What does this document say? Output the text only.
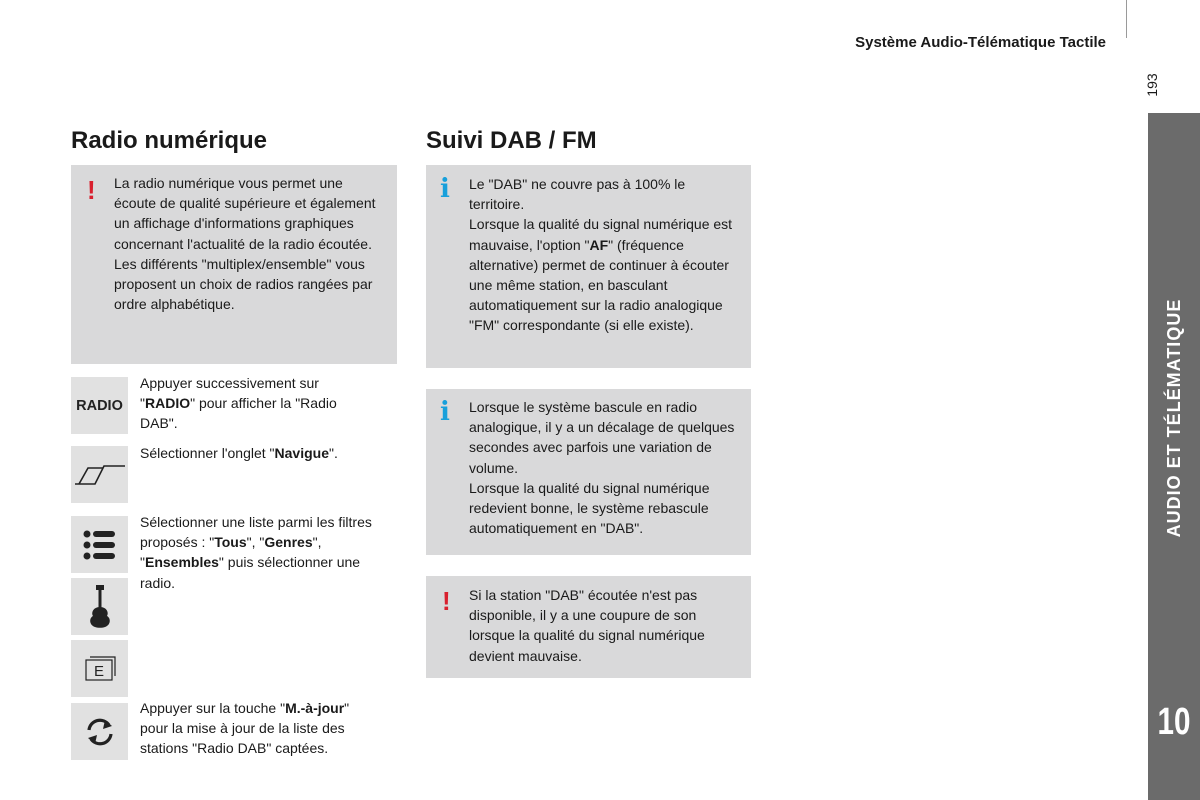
Système Audio-Télématique Tactile
193
AUDIO ET TÉLÉMATIQUE
10
Radio numérique
! La radio numérique vous permet une écoute de qualité supérieure et également un affichage d'informations graphiques concernant l'actualité de la radio écoutée.
Les différents "multiplex/ensemble" vous proposent un choix de radios rangées par ordre alphabétique.
RADIO
E
Appuyer successivement sur "RADIO" pour afficher la "Radio DAB".
Sélectionner l'onglet "Navigue".
Sélectionner une liste parmi les filtres proposés : "Tous", "Genres", "Ensembles" puis sélectionner une radio.
Appuyer sur la touche "M.-à-jour" pour la mise à jour de la liste des stations "Radio DAB" captées.
Suivi DAB / FM
i Le "DAB" ne couvre pas à 100% le territoire.
Lorsque la qualité du signal numérique est mauvaise, l'option "AF" (fréquence alternative) permet de continuer à écouter une même station, en basculant automatiquement sur la radio analogique "FM" correspondante (si elle existe).
i Lorsque le système bascule en radio analogique, il y a un décalage de quelques secondes avec parfois une variation de volume.
Lorsque la qualité du signal numérique redevient bonne, le système rebascule automatiquement en "DAB".
! Si la station "DAB" écoutée n'est pas disponible, il y a une coupure de son lorsque la qualité du signal numérique devient mauvaise.
